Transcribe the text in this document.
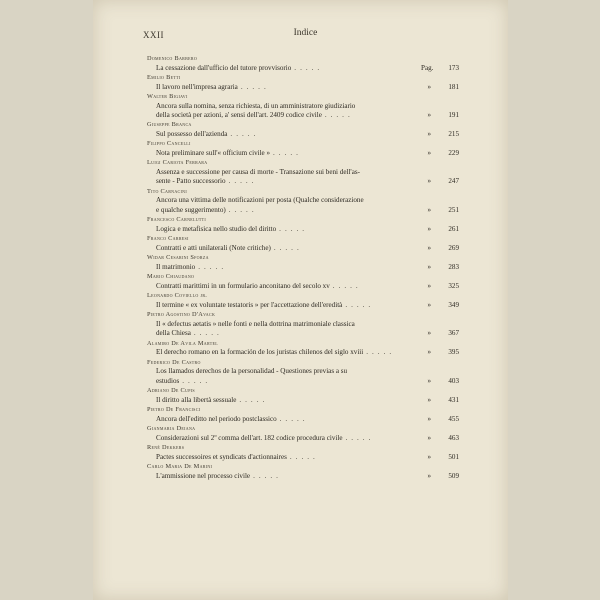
XXII	Indice
Domenico Barbero
La cessazione dall'ufficio del tutore provvisorio .....	Pag. 173
Emilio Betti
Il lavoro nell'impresa agraria .....	» 181
Walter Bigiavi
Ancora sulla nomina, senza richiesta, di un amministratore giudiziario
della società per azioni, a' sensi dell'art. 2409 codice civile .....	» 191
Giuseppe Branca
Sul possesso dell'azienda .....	» 215
Filippo Cancelli
Nota preliminare sull'« officium civile » .....	» 229
Luigi Cariota Ferrara
Assenza e successione per causa di morte - Transazione sui beni dell'as-
sente - Patto successorio .....	» 247
Tito Carnacini
Ancora una vittima delle notificazioni per posta (Qualche considerazione
e qualche suggerimento) .....	» 251
Francesco Carnelutti
Logica e metafisica nello studio del diritto .....	» 261
Franco Carresi
Contratti e atti unilaterali (Note critiche) .....	» 269
Widar Cesarini Sforza
Il matrimonio .....	» 283
Mario Chiaudano
Contratti marittimi in un formulario anconitano del secolo xv .....	» 325
Leonardo Coviello jr.
Il termine « ex voluntate testatoris » per l'accettazione dell'eredità .....	» 349
Pietro Agostino D'Avack
Il « defectus aetatis » nelle fonti e nella dottrina matrimoniale classica
della Chiesa .....	» 367
Alamiro De Avila Martel
El derecho romano en la formación de los juristas chilenos del siglo xviii .....	» 395
Federico De Castro
Los llamados derechos de la personalidad - Questiones previas a su
estudios .....	» 403
Adriano De Cupis
Il diritto alla libertà sessuale .....	» 431
Pietro De Francisci
Ancora dell'editto nel periodo postclassico .....	» 455
Gianmaria Deiana
Considerazioni sul 2º comma dell'art. 182 codice procedura civile .....	» 463
René Dekkers
Pactes successoires et syndicats d'actionnaires .....	» 501
Carlo Maria De Marini
L'ammissione nel processo civile .....	» 509
